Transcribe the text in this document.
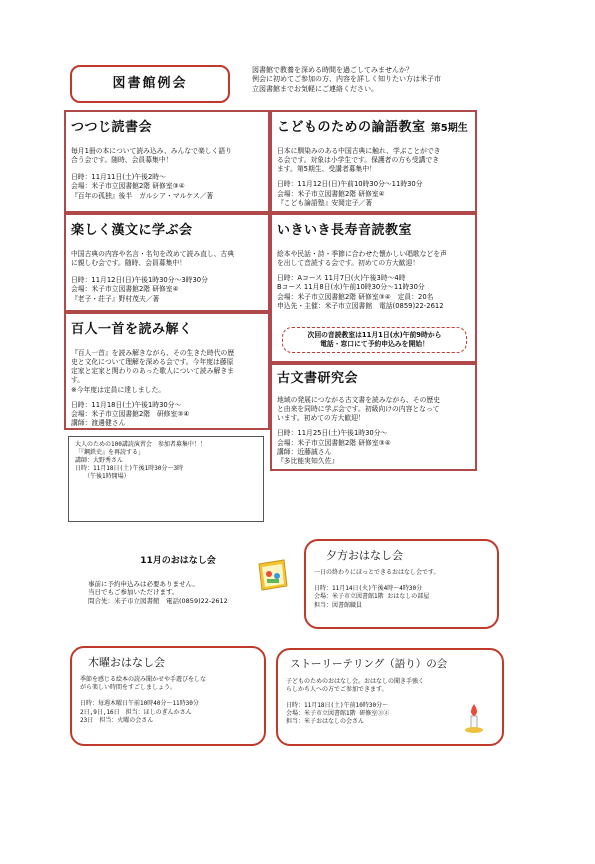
図書館例会
図書館で教養を深める時間を過ごしてみませんか？
例会に初めてご参加の方、内容を詳しく知りたい方は米子市
立図書館までお気軽にご連絡ください。
つつじ読書会
毎月1冊の本について読み込み、みんなで楽しく語り
合う会です。随時、会員募集中！
日時：11月11日(土)午後2時～
会場：米子市立図書館2階 研修室③④
『百年の孤独』後半　ガルシア・マルケス／著
楽しく漢文に学ぶ会
中国古典の内容や名言・名句を改めて読み直し、古典
に親しむ会です。随時、会員募集中！
日時：11月12日(日)午後1時30分～3時30分
会場：米子市立図書館2階 研修室④
『老子・荘子』野村茂夫／著
百人一首を読み解く
『百人一首』を読み解きながら、その生きた時代の歴
史と文化について理解を深める会です。今年度は藤原
定家と定家と関わりのあった歌人について読み解きま
す。
※今年度は定員に達しました。
日時：11月18日(土)午後1時30分～
会場：米子市立図書館2階　研修室③④
講師：渡邊健さん
こどものための論語教室 第5期生
日本に馴染みのある中国古典に触れ、学ぶことができ
る会です。対象は小学生です。保護者の方も受講でき
ます。第5期生、受講者募集中！
日時：11月12日(日)午前10時30分～11時30分
会場：米子市立図書館2階 研修室④
『こども論語塾』安岡定子／著
いきいき長寿音読教室
絵本や民話・詩・季節に合わせた懐かしい唱歌などを声
を出して音読する会です。初めての方大歓迎！
日時：Aコース 11月7日(火)午後3時～4時
Bコース 11月8日(水)午前10時30分～11時30分
会場：米子市立図書館2階 研修室③④　定員：20名
申込先・主催：米子市立図書館　電話(0859)22-2612
次回の音読教室は11月1日(水)午前9時から
電話・窓口にて予約申込みを開始！
古文書研究会
地域の発展につながる古文書を読みながら、その歴史
と由来を同時に学ぶ会です。初級向けの内容となって
います。初めての方大歓迎！
日時：11月25日(土)午後1時30分～
会場：米子市立図書館2階 研修室③④
講師：近藤誠さん
『多比能実知久佐』
大人のための100講読演習会　参加者募集中！！
「『鋼鉄史』を再読する」
講師：大野秀さん
日時：11月18日(土)午後1時30分～3時
　　（午後1時開場）
11月のおはなし会
事前に予約申込みは必要ありません。
当日でもご参加いただけます。
問合先：米子市立図書館　電話(0859)22-2612
夕方おはなし会
一日の終わりにほっとできるおはなし会です。
日時：11月14日(火)午後4時～4時30分
会場：米子市立図書館1階 おはなしの部屋
担当：図書館職員
木曜おはなし会
季節を感じる絵本の読み聞かせや手遊びをしな
がら楽しい時間をすごしましょう。
日時：毎週木曜日午前10時40分～11時30分
2日,9日,16日　担当：ほしのぎんかさん
23日　担当：火曜の会さん
ストーリーテリング（語り）の会
子どものためのおはなし会。おはなしの聞き手強く
らしかち人への方でご参加できます。
日時：11月18日(土)午前10時30分～
会場：米子市立図書館1階 研修室③④
担当：米子おはなしの会さん
